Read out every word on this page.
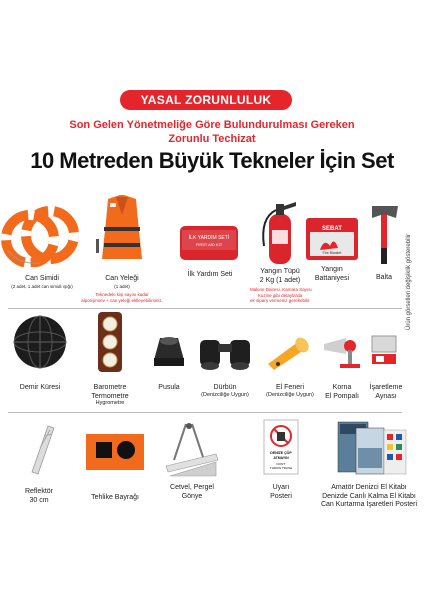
YASAL ZORUNLULUK
Son Gelen Yönetmeliğe Göre Bulundurulması Gereken
Zorunlu Techizat
10 Metreden Büyük Tekneler İçin Set
Ürün görselleri değişiklik gösterebilir
Can Simidi
(2 adet, 1 adet can simidi ışığı)
Can Yeleği
(1 adet)
Teknedeki kişi sayısı kadar
alporişinsev + can yeleği eklleyebilirsiniz.
İLK YARDIM SETİ
FIRST AID KIT
İlk Yardım Seti	Yangın Tüpü
2 Kg (1 adet)
Makine Dairesi, Kamara Sayısı
Kuzine gibi detaylarda
ek siparş vermeniz gerekebilir.
SEBAT
Fire Blanket
Yangın
Battaniyesi	Balta
Demir Küresi	Barometre
Termometre
Hygrometre
Pusula	Dürbün
(Denizciliğe Uygun)
El Feneri
(Denizciliğe Uygun)
Korna
El Pompalı
İşaretleme
Aynası
Reflektör
30 cm	Tehlike Bayrağı
Cetvel, Pergel
Gönye
DENİZE ÇÖP
ATMAYIN
DON'T
THROW TRASH
Uyarı
Posteri
Amatör Denizci El Kitabı
Denizde Canlı Kalma El Kitabı
Can Kurtarma İşaretleri Posteri
